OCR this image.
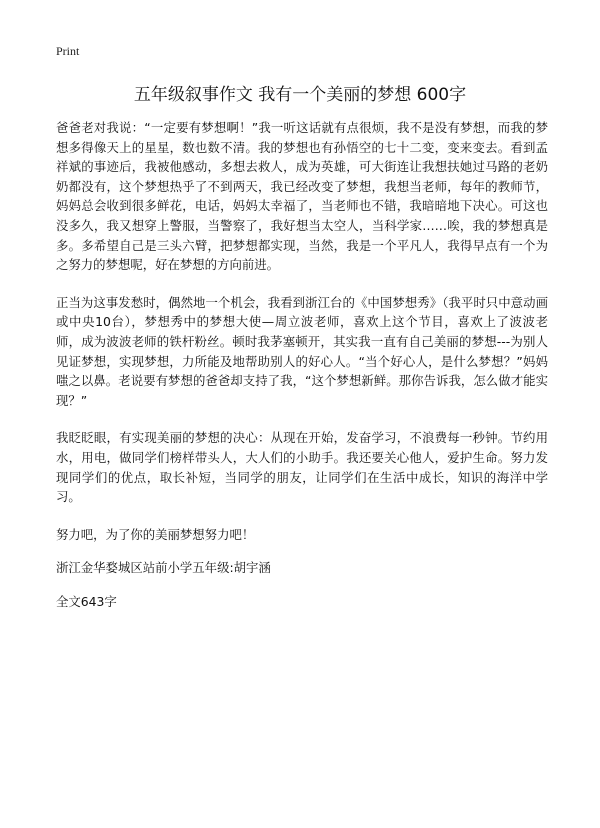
Print
五年级叙事作文 我有一个美丽的梦想 600字

爸爸老对我说：“一定要有梦想啊！”我一听这话就有点很烦，我不是没有梦想，而我的梦想多得像天上的星星，数也数不清。我的梦想也有孙悟空的七十二变，变来变去。看到孟祥斌的事迹后，我被他感动，多想去救人，成为英雄，可大街连让我想扶她过马路的老奶奶都没有，这个梦想热乎了不到两天，我已经改变了梦想，我想当老师，每年的教师节，妈妈总会收到很多鲜花，电话，妈妈太幸福了，当老师也不错，我暗暗地下决心。可这也没多久，我又想穿上警服，当警察了，我好想当太空人，当科学家……唉，我的梦想真是多。多希望自己是三头六臂，把梦想都实现，当然，我是一个平凡人，我得早点有一个为之努力的梦想呢，好在梦想的方向前进。

正当为这事发愁时，偶然地一个机会，我看到浙江台的《中国梦想秀》（我平时只中意动画或中央10台），梦想秀中的梦想大使—周立波老师，喜欢上这个节目，喜欢上了波波老师，成为波波老师的铁杆粉丝。顿时我茅塞顿开，其实我一直有自己美丽的梦想---为别人见证梦想，实现梦想，力所能及地帮助别人的好心人。“当个好心人，是什么梦想？”妈妈嗤之以鼻。老说要有梦想的爸爸却支持了我，“这个梦想新鲜。那你告诉我，怎么做才能实现？”

我眨眨眼，有实现美丽的梦想的决心：从现在开始，发奋学习，不浪费每一秒钟。节约用水，用电，做同学们榜样带头人，大人们的小助手。我还要关心他人，爱护生命。努力发现同学们的优点，取长补短，当同学的朋友，让同学们在生活中成长，知识的海洋中学习。

努力吧，为了你的美丽梦想努力吧！

浙江金华婺城区站前小学五年级:胡宇涵

全文643字
